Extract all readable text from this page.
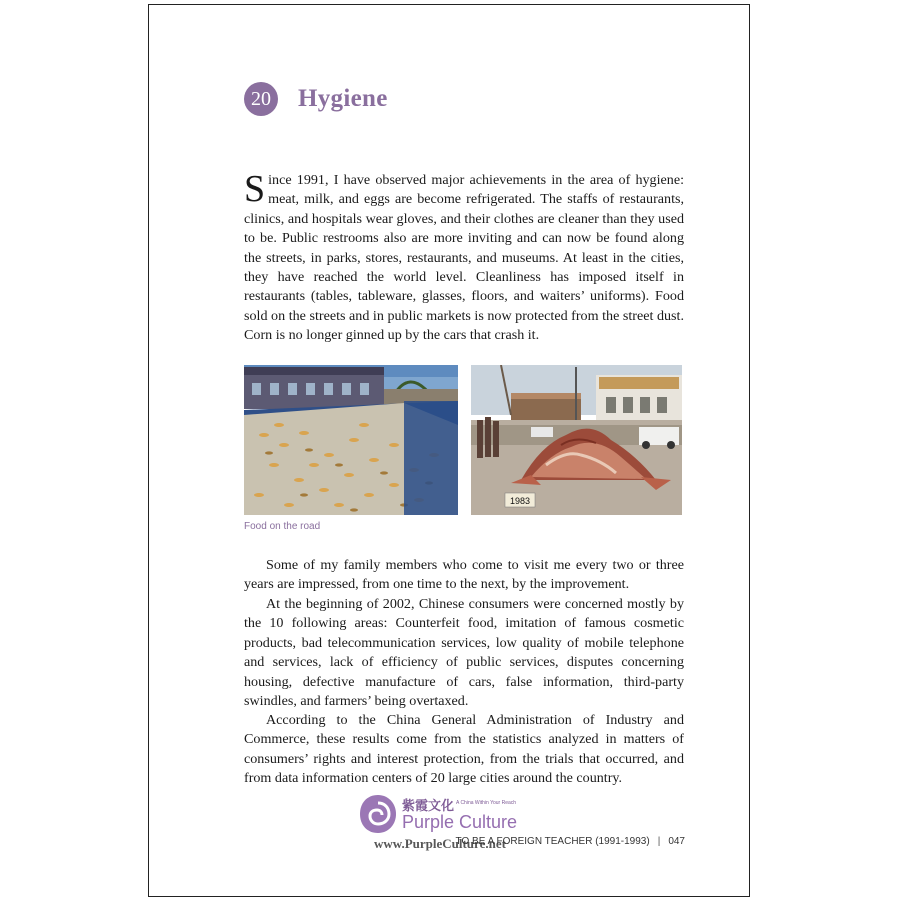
20 Hygiene

Since 1991, I have observed major achievements in the area of hygiene: meat, milk, and eggs are become refrigerated. The staffs of restaurants, clinics, and hospitals wear gloves, and their clothes are cleaner than they used to be. Public restrooms also are more inviting and can now be found along the streets, in parks, stores, restaurants, and museums. At least in the cities, they have reached the world level. Cleanliness has imposed itself in restaurants (tables, tableware, glasses, floors, and waiters’ uniforms). Food sold on the streets and in public markets is now protected from the street dust. Corn is no longer ginned up by the cars that crash it.

1983
Food on the road

Some of my family members who come to visit me every two or three years are impressed, from one time to the next, by the improvement.

At the beginning of 2002, Chinese consumers were concerned mostly by the 10 following areas: Counterfeit food, imitation of famous cosmetic products, bad telecommunication services, low quality of mobile telephone and services, lack of efficiency of public services, disputes concerning housing, defective manufacture of cars, false information, third-party swindles, and farmers’ being overtaxed.

According to the China General Administration of Industry and Commerce, these results come from the statistics analyzed in matters of consumers’ rights and interest protection, from the trials that occurred, and from data information centers of 20 large cities around the country.

紫霞文化 A China Within Your Reach
Purple Culture
www.PurpleCulture.net
TO BE A FOREIGN TEACHER (1991-1993) | 047
